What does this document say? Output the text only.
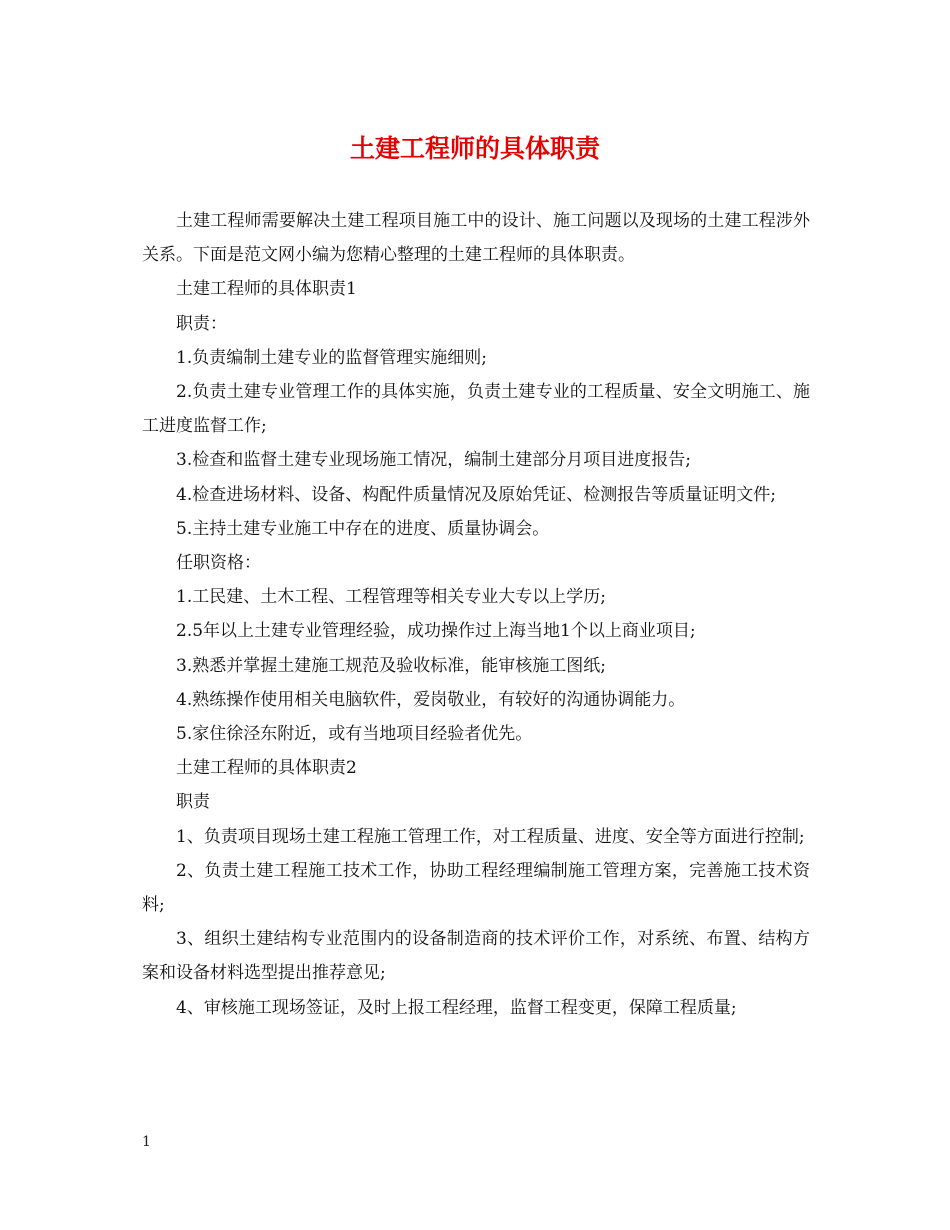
土建工程师的具体职责

土建工程师需要解决土建工程项目施工中的设计、施工问题以及现场的土建工程涉外关系。下面是范文网小编为您精心整理的土建工程师的具体职责。

土建工程师的具体职责1

职责：

1.负责编制土建专业的监督管理实施细则;

2.负责土建专业管理工作的具体实施，负责土建专业的工程质量、安全文明施工、施工进度监督工作;

3.检查和监督土建专业现场施工情况，编制土建部分月项目进度报告;

4.检查进场材料、设备、构配件质量情况及原始凭证、检测报告等质量证明文件;

5.主持土建专业施工中存在的进度、质量协调会。

任职资格：

1.工民建、土木工程、工程管理等相关专业大专以上学历;

2.5年以上土建专业管理经验，成功操作过上海当地1个以上商业项目;

3.熟悉并掌握土建施工规范及验收标准，能审核施工图纸;

4.熟练操作使用相关电脑软件，爱岗敬业，有较好的沟通协调能力。

5.家住徐泾东附近，或有当地项目经验者优先。

土建工程师的具体职责2

职责

1、负责项目现场土建工程施工管理工作，对工程质量、进度、安全等方面进行控制;

2、负责土建工程施工技术工作，协助工程经理编制施工管理方案，完善施工技术资料;

3、组织土建结构专业范围内的设备制造商的技术评价工作，对系统、布置、结构方案和设备材料选型提出推荐意见;

4、审核施工现场签证，及时上报工程经理，监督工程变更，保障工程质量;

1
